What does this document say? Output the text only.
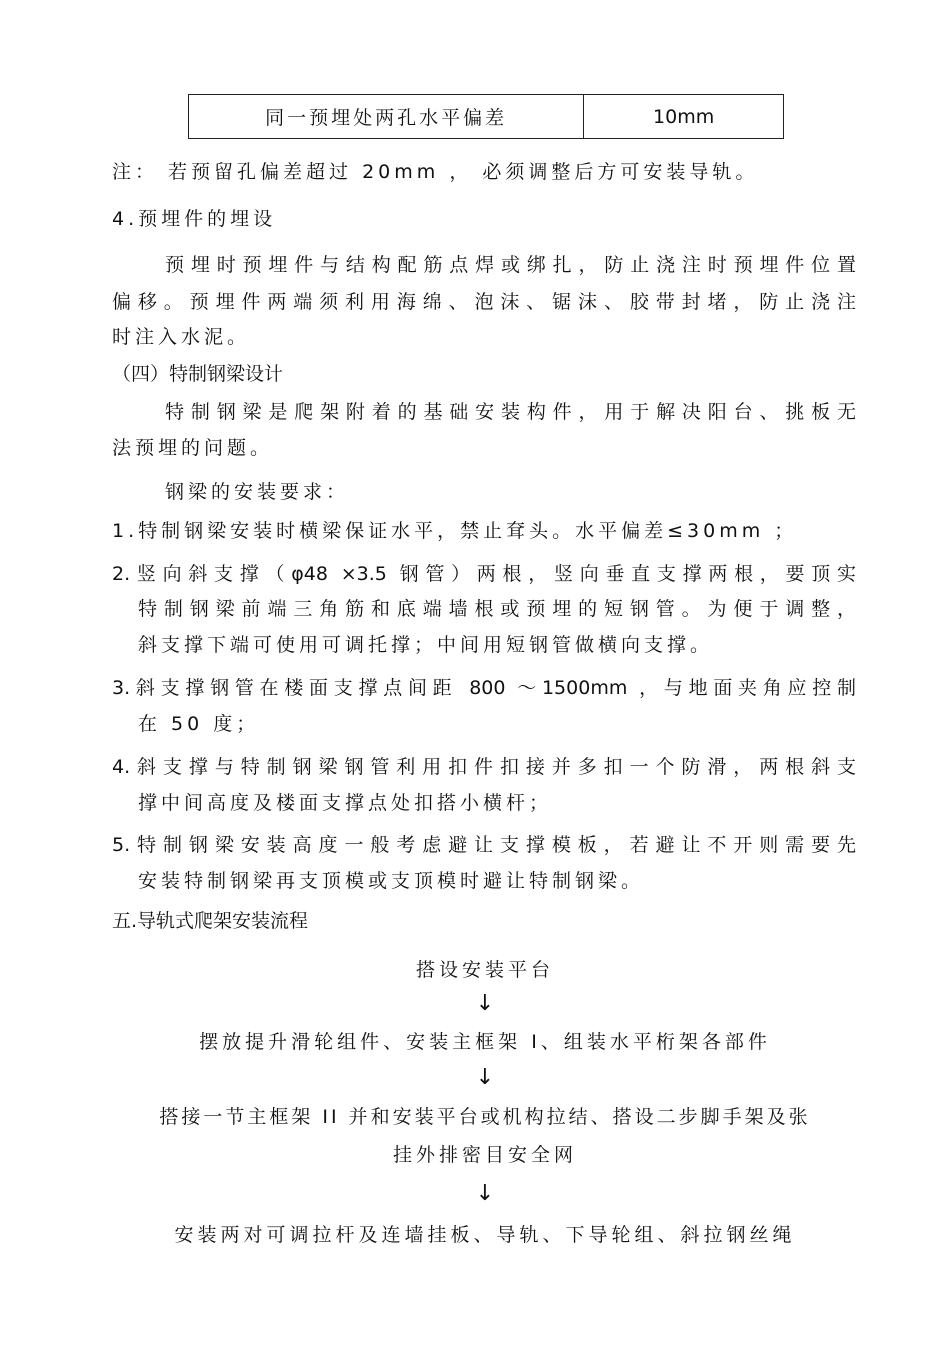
同一预埋处两孔水平偏差	10mm
注： 若预留孔偏差超过 20mm ， 必须调整后方可安装导轨。
4.预埋件的埋设
预埋时预埋件与结构配筋点焊或绑扎，防止浇注时预埋件位置
偏移。预埋件两端须利用海绵、泡沫、锯沫、胶带封堵，防止浇注
时注入水泥。
（四）特制钢梁设计
特制钢梁是爬架附着的基础安装构件，用于解决阳台、挑板无
法预埋的问题。
钢梁的安装要求：
1.特制钢梁安装时横梁保证水平，禁止耷头。水平偏差≤30mm ；
2.竖向斜支撑（φ48 ×3.5 钢管）两根，竖向垂直支撑两根，要顶实
特制钢梁前端三角筋和底端墙根或预埋的短钢管。为便于调整，
斜支撑下端可使用可调托撑；中间用短钢管做横向支撑。
3.斜支撑钢管在楼面支撑点间距 800 ～1500mm ，与地面夹角应控制
在 50 度；
4.斜支撑与特制钢梁钢管利用扣件扣接并多扣一个防滑，两根斜支
撑中间高度及楼面支撑点处扣搭小横杆；
5.特制钢梁安装高度一般考虑避让支撑模板，若避让不开则需要先
安装特制钢梁再支顶模或支顶模时避让特制钢梁。
五.导轨式爬架安装流程
搭设安装平台
↓
摆放提升滑轮组件、安装主框架 I、组装水平桁架各部件
↓
搭接一节主框架 II 并和安装平台或机构拉结、搭设二步脚手架及张
挂外排密目安全网
↓
安装两对可调拉杆及连墙挂板、导轨、下导轮组、斜拉钢丝绳
